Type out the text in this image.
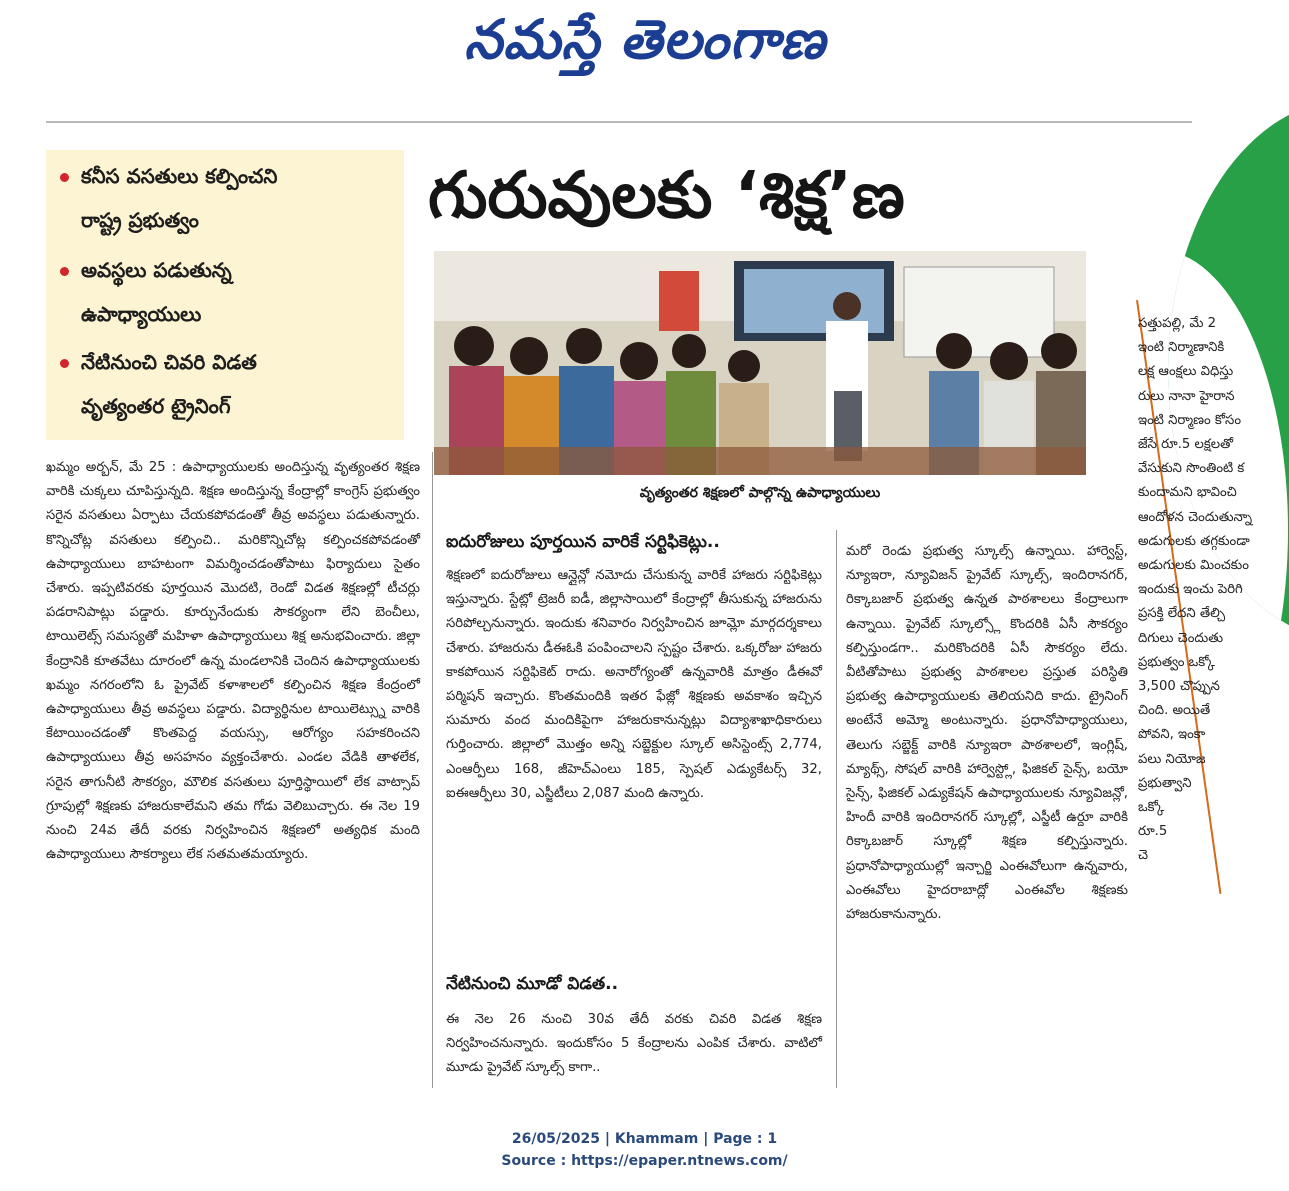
నమస్తే తెలంగాణ
కనీస వసతులు కల్పించని
రాష్ట్ర ప్రభుత్వం
అవస్థలు పడుతున్న
ఉపాధ్యాయులు
నేటినుంచి చివరి విడత
వృత్యంతర ట్రైనింగ్
గురువులకు ‘శిక్ష’ణ
వృత్యంతర శిక్షణలో పాల్గొన్న ఉపాధ్యాయులు

ఖమ్మం అర్బన్, మే 25 : ఉపాధ్యాయులకు అందిస్తున్న వృత్యంతర శిక్షణ వారికి చుక్కలు చూపిస్తున్నది. శిక్షణ అందిస్తున్న కేంద్రాల్లో కాంగ్రెస్ ప్రభుత్వం సరైన వసతులు ఏర్పాటు చేయకపోవడంతో తీవ్ర అవస్థలు పడుతున్నారు. కొన్నిచోట్ల వసతులు కల్పించి.. మరికొన్నిచోట్ల కల్పించకపోవడంతో ఉపాధ్యాయులు బాహటంగా విమర్శించడంతోపాటు ఫిర్యాదులు సైతం చేశారు. ఇప్పటివరకు పూర్తయిన మొదటి, రెండో విడత శిక్షణల్లో టీచర్లు పడరానిపాట్లు పడ్డారు. కూర్చునేందుకు సౌకర్యంగా లేని బెంచీలు, టాయిలెట్స్ సమస్యతో మహిళా ఉపాధ్యాయులు శిక్ష అనుభవించారు. జిల్లా కేంద్రానికి కూతవేటు దూరంలో ఉన్న మండలానికి చెందిన ఉపాధ్యాయులకు ఖమ్మం నగరంలోని ఓ ప్రైవేట్ కళాశాలలో కల్పించిన శిక్షణ కేంద్రంలో ఉపాధ్యాయులు తీవ్ర అవస్థలు పడ్డారు. విద్యార్థినుల టాయిలెట్స్ను వారికి కేటాయించడంతో కొంతపెద్ద వయస్సు, ఆరోగ్యం సహకరించని ఉపాధ్యాయులు తీవ్ర అసహనం వ్యక్తంచేశారు. ఎండల వేడికి తాళలేక, సరైన తాగునీటి సౌకర్యం, మౌలిక వసతులు పూర్తిస్థాయిలో లేక వాట్సాప్ గ్రూపుల్లో శిక్షణకు హాజరుకాలేమని తమ గోడు వెలిబుచ్చారు. ఈ నెల 19 నుంచి 24వ తేదీ వరకు నిర్వహించిన శిక్షణలో అత్యధిక మంది ఉపాధ్యాయులు సౌకర్యాలు లేక సతమతమయ్యారు.

ఐదురోజులు పూర్తయిన వారికే సర్టిఫికెట్లు..

శిక్షణలో ఐదురోజులు ఆన్లైన్లో నమోదు చేసుకున్న వారికే హాజరు సర్టిఫికెట్లు ఇస్తున్నారు. స్టేట్లో ట్రెజరీ ఐడీ, జిల్లాసాయిలో కేంద్రాల్లో తీసుకున్న హాజరును సరిపోల్చనున్నారు. ఇందుకు శనివారం నిర్వహించిన జూమ్లో మార్గదర్శకాలు చేశారు. హాజరును డీఈఓకి పంపించాలని స్పష్టం చేశారు. ఒక్కరోజు హాజరు కాకపోయిన సర్టిఫికెట్ రాదు. అనారోగ్యంతో ఉన్నవారికి మాత్రం డీఈవో పర్మిషన్ ఇచ్చారు. కొంతమందికి ఇతర ఫేజ్లో శిక్షణకు అవకాశం ఇచ్చిన సుమారు వంద మందికిపైగా హాజరుకానున్నట్లు విద్యాశాఖాధికారులు గుర్తించారు. జిల్లాలో మొత్తం అన్ని సబ్జెక్టుల స్కూల్ అసిస్టెంట్స్ 2,774, ఎంఆర్పీలు 168, జీహెచ్ఎంలు 185, స్పెషల్ ఎడ్యుకేటర్స్ 32, ఐఈఆర్పీలు 30, ఎస్జీటీలు 2,087 మంది ఉన్నారు.

నేటినుంచి మూడో విడత..

ఈ నెల 26 నుంచి 30వ తేదీ వరకు చివరి విడత శిక్షణ నిర్వహించనున్నారు. ఇందుకోసం 5 కేంద్రాలను ఎంపిక చేశారు. వాటిలో మూడు ప్రైవేట్ స్కూల్స్ కాగా..

మరో రెండు ప్రభుత్వ స్కూల్స్ ఉన్నాయి. హార్వెస్ట్, న్యూఇరా, న్యూవిజన్ ప్రైవేట్ స్కూల్స్, ఇందిరానగర్, రిక్కాబజార్ ప్రభుత్వ ఉన్నత పాఠశాలలు కేంద్రాలుగా ఉన్నాయి. ప్రైవేట్ స్కూల్స్లో కొందరికి ఏసీ సౌకర్యం కల్పిస్తుండగా.. మరికొందరికి ఏసీ సౌకర్యం లేదు. వీటితోపాటు ప్రభుత్వ పాఠశాలల ప్రస్తుత పరిస్థితి ప్రభుత్వ ఉపాధ్యాయులకు తెలియనిది కాదు. ట్రైనింగ్ అంటేనే అమ్మో అంటున్నారు. ప్రధానోపాధ్యాయులు, తెలుగు సబ్జెక్ట్ వారికి న్యూఇరా పాఠశాలలో, ఇంగ్లిష్, మ్యాథ్స్, సోషల్ వారికి హార్వెస్ట్లో, ఫిజికల్ సైన్స్, బయో సైన్స్, ఫిజికల్ ఎడ్యుకేషన్ ఉపాధ్యాయులకు న్యూవిజన్లో, హిందీ వారికి ఇందిరానగర్ స్కూల్లో, ఎస్జీటీ ఉర్దూ వారికి రిక్కాబజార్ స్కూల్లో శిక్షణ కల్పిస్తున్నారు. ప్రధానోపాధ్యాయుల్లో ఇన్చార్జి ఎంఈవోలుగా ఉన్నవారు, ఎంఈవోలు హైదరాబాద్లో ఎంఈవోల శిక్షణకు హాజరుకానున్నారు.

సత్తుపల్లి, మే 2
ఇంటి నిర్మాణానికి
లక్ష ఆంక్షలు విధిస్తు
రులు నానా హైరాన
ఇంటి నిర్మాణం కోసం
జేసే రూ.5 లక్షలతో
వేసుకుని సొంతింటి క
కుందామని భావించి
ఆందోళన చెందుతున్నా
అడుగులకు తగ్గకుండా
అడుగులకు మించకుం
ఇందుకు ఇంచు పెరిగి
ప్రసక్తి లేదని తేల్చి
దిగులు చెందుతు
ప్రభుత్వం ఒక్కో
3,500 చొప్పున
చింది. అయితే
పోవని, ఇంకా
పలు నియోజ
ప్రభుత్వాని
ఒక్కో
రూ.5
చె
26/05/2025 | Khammam | Page : 1
Source : https://epaper.ntnews.com/
